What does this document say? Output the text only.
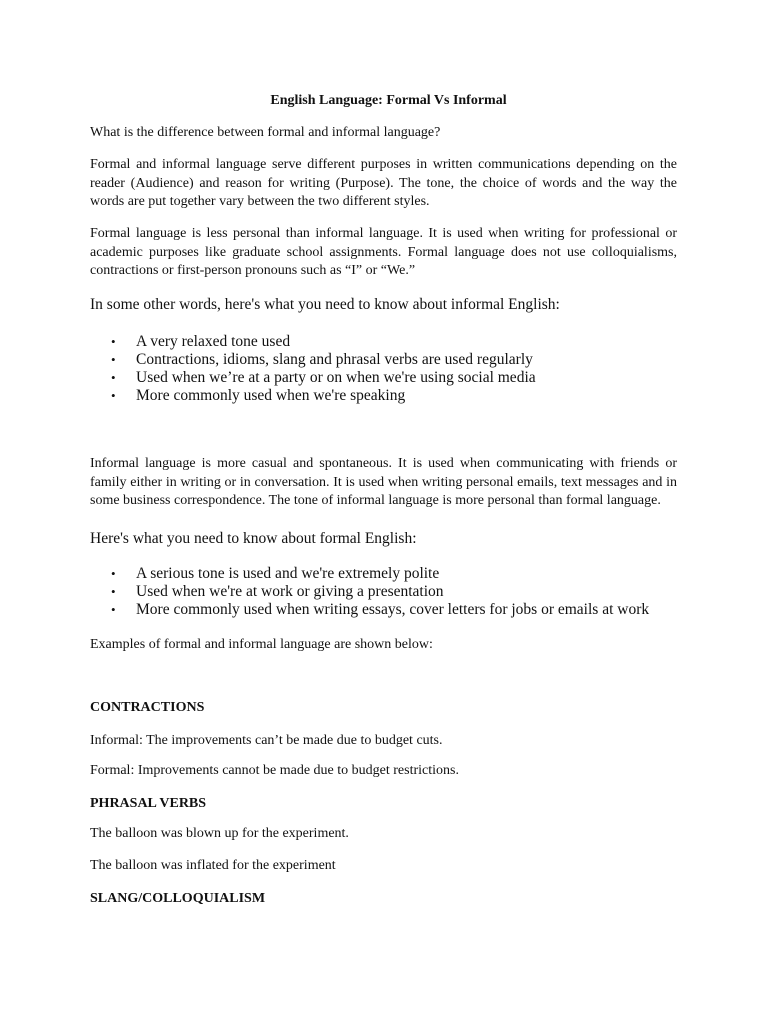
English Language: Formal Vs Informal

What is the difference between formal and informal language?

Formal and informal language serve different purposes in written communications depending on the reader (Audience) and reason for writing (Purpose). The tone, the choice of words and the way the words are put together vary between the two different styles.

Formal language is less personal than informal language. It is used when writing for professional or academic purposes like graduate school assignments. Formal language does not use colloquialisms, contractions or first-person pronouns such as “I” or “We.”

In some other words, here's what you need to know about informal English:

• A very relaxed tone used
• Contractions, idioms, slang and phrasal verbs are used regularly
• Used when we’re at a party or on when we're using social media
• More commonly used when we're speaking

Informal language is more casual and spontaneous. It is used when communicating with friends or family either in writing or in conversation. It is used when writing personal emails, text messages and in some business correspondence. The tone of informal language is more personal than formal language.

Here's what you need to know about formal English:

• A serious tone is used and we're extremely polite
• Used when we're at work or giving a presentation
• More commonly used when writing essays, cover letters for jobs or emails at work

Examples of formal and informal language are shown below:

CONTRACTIONS

Informal: The improvements can’t be made due to budget cuts.

Formal: Improvements cannot be made due to budget restrictions.

PHRASAL VERBS

The balloon was blown up for the experiment.

The balloon was inflated for the experiment

SLANG/COLLOQUIALISM
